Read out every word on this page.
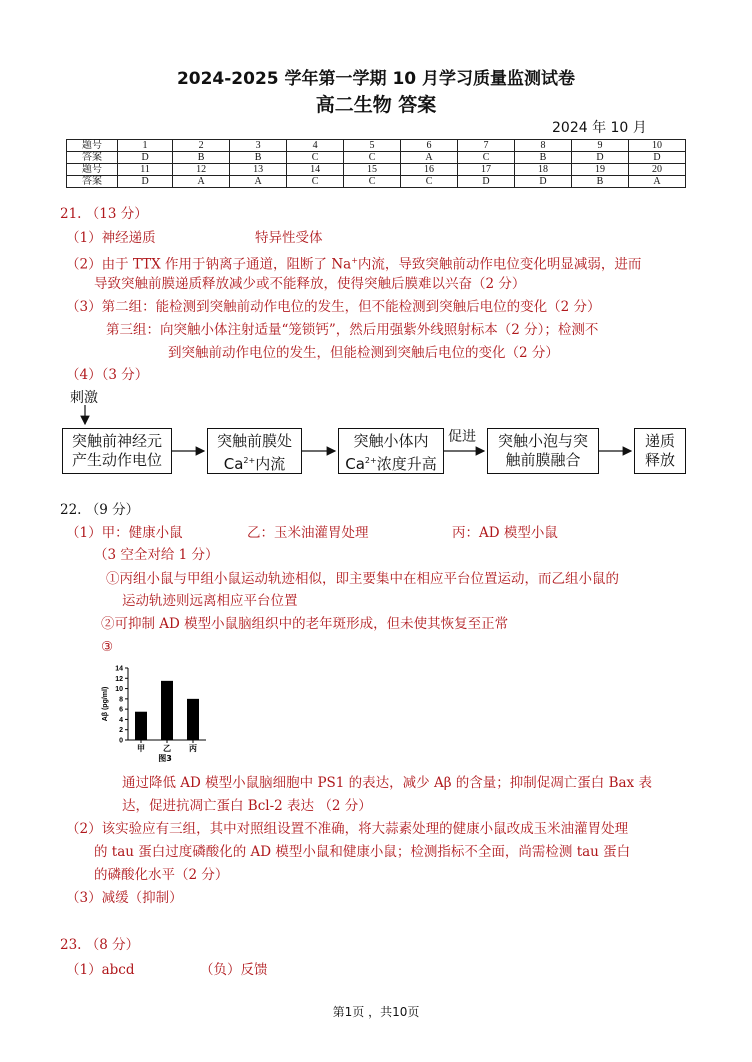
2024-2025 学年第一学期 10 月学习质量监测试卷
高二生物 答案
2024 年 10 月
题号	1	2	3	4	5	6	7	8	9	10
答案	D	B	B	C	C	A	C	B	D	D
题号	11	12	13	14	15	16	17	18	19	20
答案	D	A	A	C	C	C	D	D	B	A
21. （13 分）
（1）神经递质	特异性受体
（2）由于 TTX 作用于钠离子通道，阻断了 Na+内流，导致突触前动作电位变化明显减弱，进而
导致突触前膜递质释放减少或不能释放，使得突触后膜难以兴奋（2 分）
（3）第二组：能检测到突触前动作电位的发生，但不能检测到突触后电位的变化（2 分）
第三组：向突触小体注射适量“笼锁钙”，然后用强紫外线照射标本（2 分）；检测不
到突触前动作电位的发生，但能检测到突触后电位的变化（2 分）
（4）（3 分）
刺激
促进
突触前神经元
产生动作电位
突触前膜处
$Ca^{2+}$内流
突触小体内
$Ca^{2+}$浓度升高
突触小泡与突
触前膜融合
递质
释放
22. （9 分）
（1）甲：健康小鼠	乙：玉米油灌胃处理	丙：AD 模型小鼠
（3 空全对给 1 分）
①丙组小鼠与甲组小鼠运动轨迹相似，即主要集中在相应平台位置运动，而乙组小鼠的
运动轨迹则远离相应平台位置
②可抑制 AD 模型小鼠脑组织中的老年斑形成，但未使其恢复至正常
③
0
2
4
6
8
10
12
14
Aβ (pg/ml)
甲 乙 丙
图3
通过降低 AD 模型小鼠脑细胞中 PS1 的表达，减少 Aβ 的含量；抑制促凋亡蛋白 Bax 表
达，促进抗凋亡蛋白 Bcl-2 表达 （2 分）
（2）该实验应有三组，其中对照组设置不准确，将大蒜素处理的健康小鼠改成玉米油灌胃处理
的 tau 蛋白过度磷酸化的 AD 模型小鼠和健康小鼠；检测指标不全面，尚需检测 tau 蛋白
的磷酸化水平（2 分）
（3）减缓（抑制）
23. （8 分）
（1）abcd	（负）反馈
第1页 ，共10页
